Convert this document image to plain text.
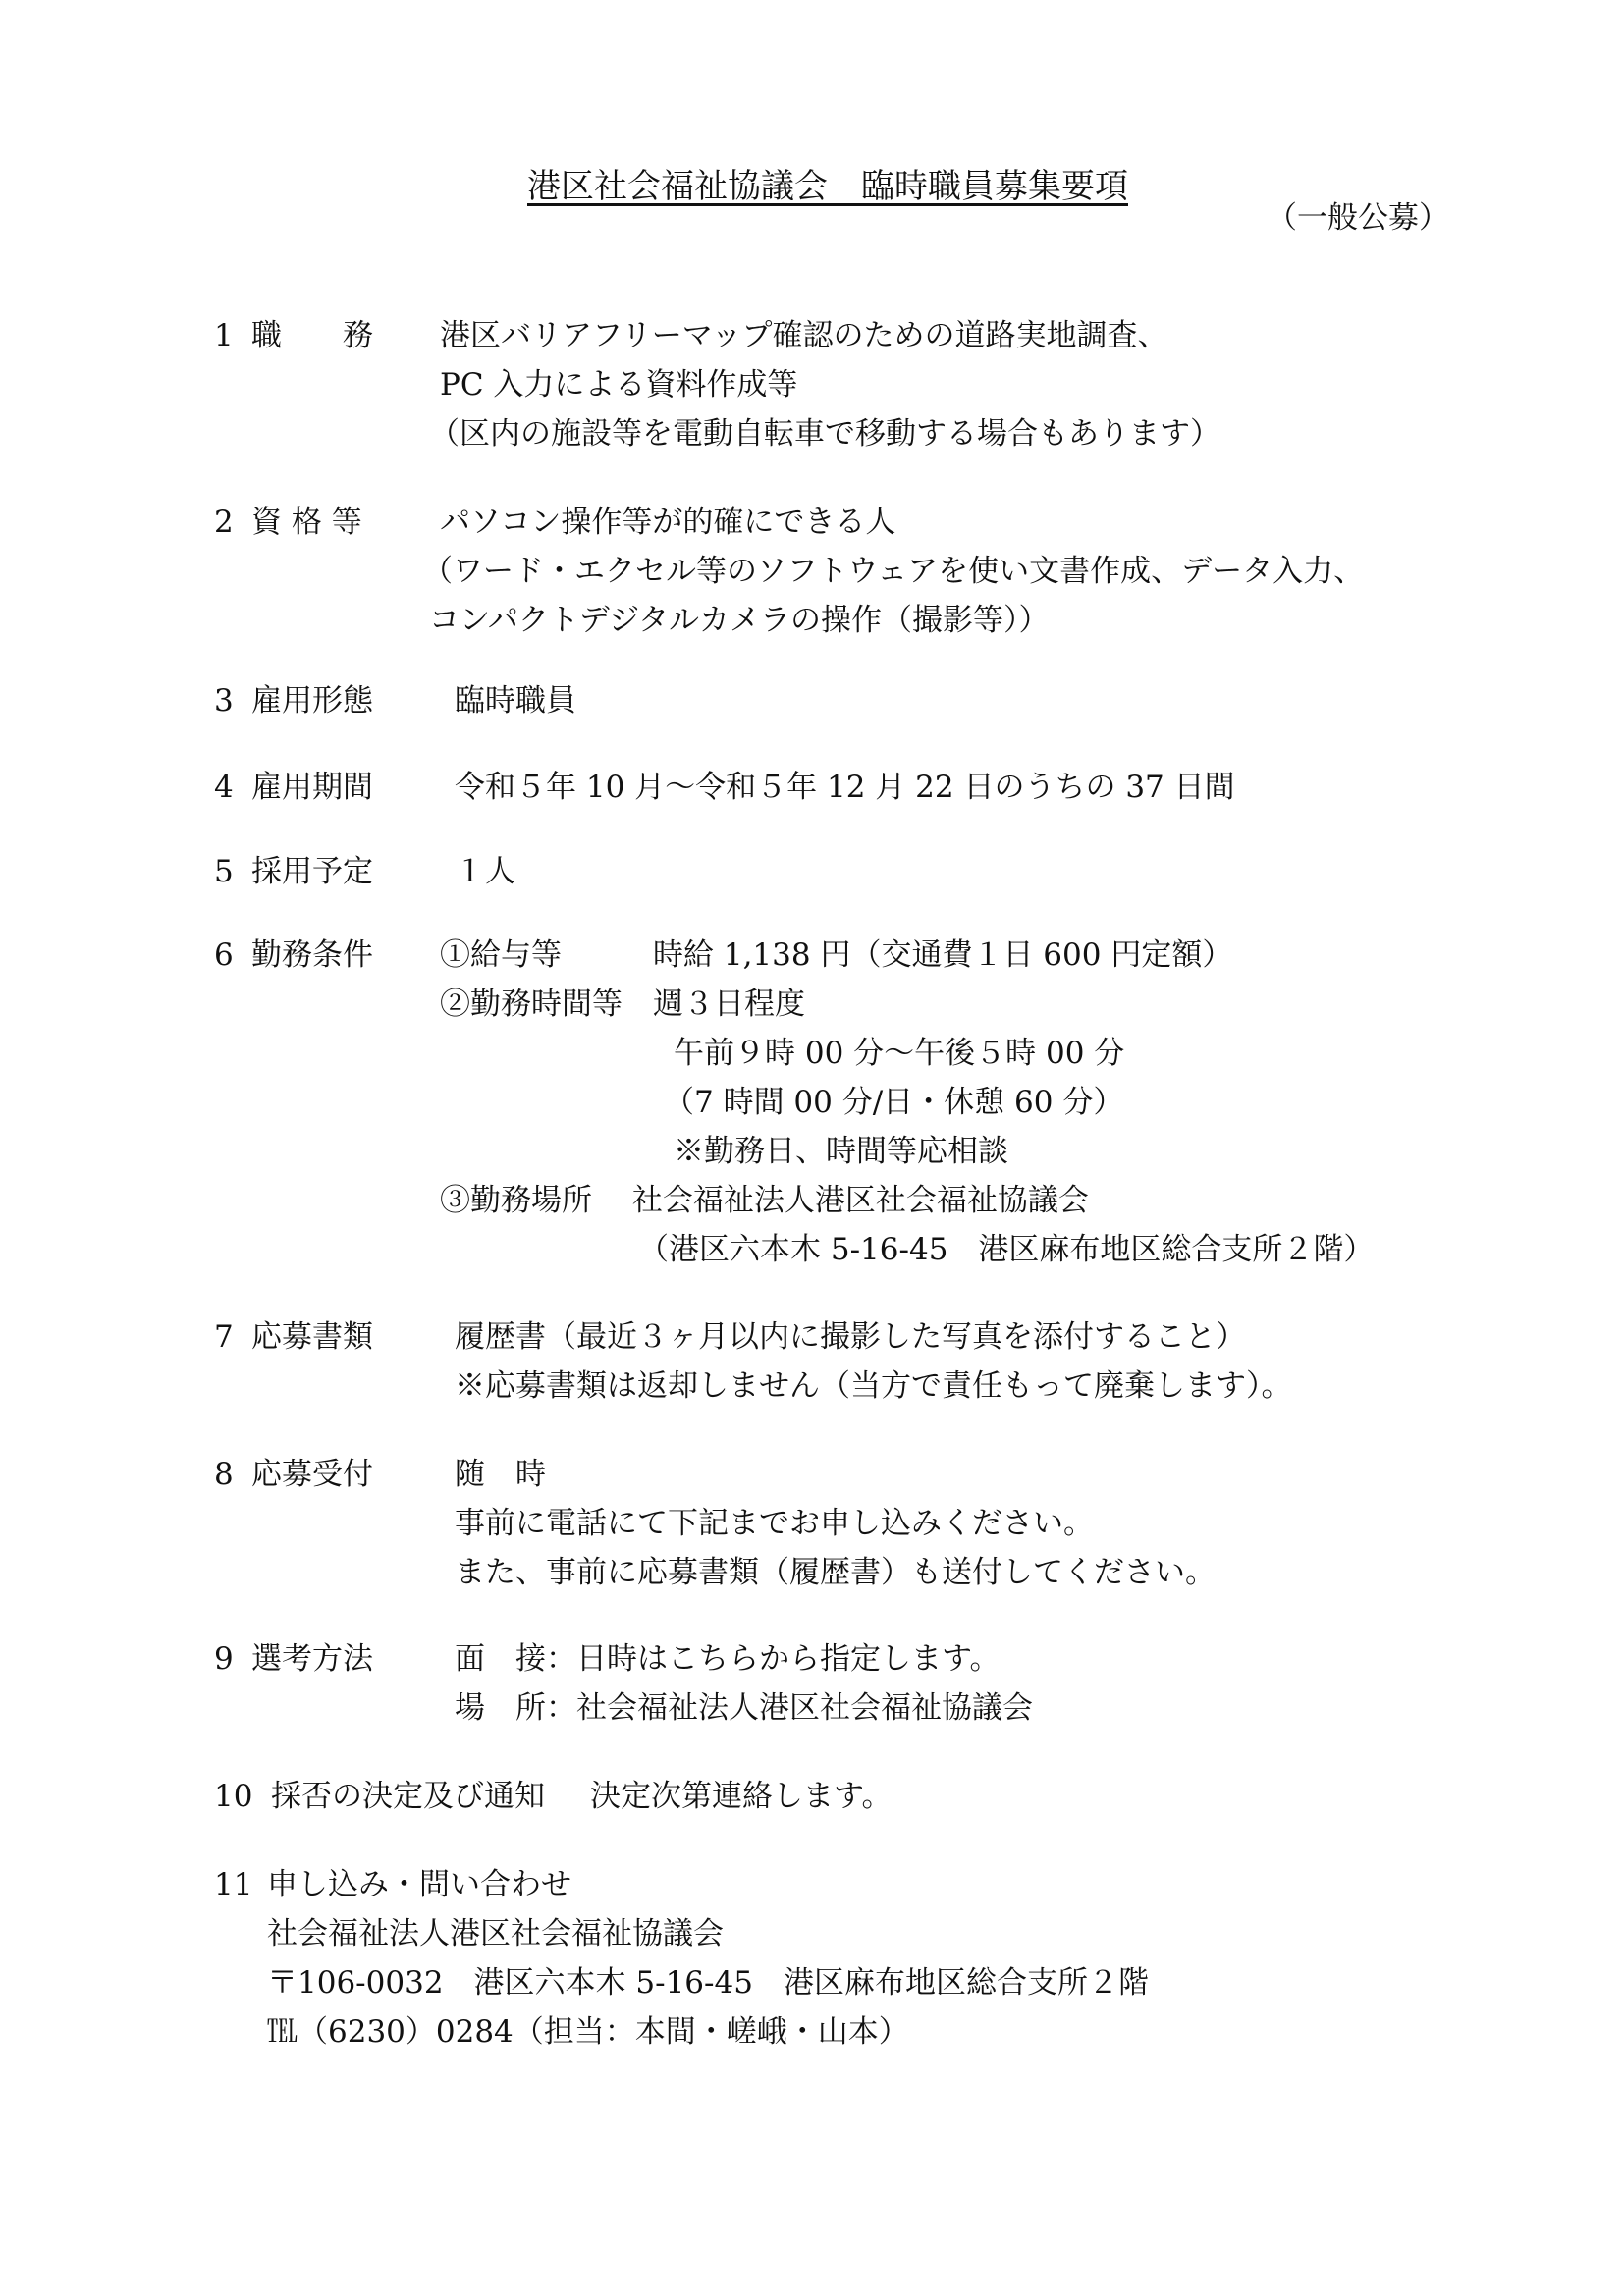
港区社会福祉協議会　臨時職員募集要項
（一般公募）
1 職　　務 港区バリアフリーマップ確認のための道路実地調査、
PC 入力による資料作成等
（区内の施設等を電動自転車で移動する場合もあります）
2 資 格 等	パソコン操作等が的確にできる人
（ワード・エクセル等のソフトウェアを使い文書作成、データ入力、
コンパクトデジタルカメラの操作（撮影等））
3 雇用形態	臨時職員
4 雇用期間	令和５年 10 月～令和５年 12 月 22 日のうちの 37 日間
5 採用予定	１人
6 勤務条件 ①給与等　　　時給 1,138 円（交通費１日 600 円定額）
②勤務時間等　週３日程度
午前９時 00 分～午後５時 00 分
（7 時間 00 分/日・休憩 60 分）
※勤務日、時間等応相談
③勤務場所　 社会福祉法人港区社会福祉協議会
（港区六本木 5-16-45　港区麻布地区総合支所２階）
7 応募書類	履歴書（最近３ヶ月以内に撮影した写真を添付すること）
※応募書類は返却しません（当方で責任もって廃棄します）。
8 応募受付	随　時
事前に電話にて下記までお申し込みください。
また、事前に応募書類（履歴書）も送付してください。
9 選考方法	面　接：日時はこちらから指定します。
場　所：社会福祉法人港区社会福祉協議会
10 採否の決定及び通知 決定次第連絡します。
11 申し込み・問い合わせ
社会福祉法人港区社会福祉協議会
〒106-0032　港区六本木 5-16-45　港区麻布地区総合支所２階
℡（6230）0284（担当：本間・嵯峨・山本）
